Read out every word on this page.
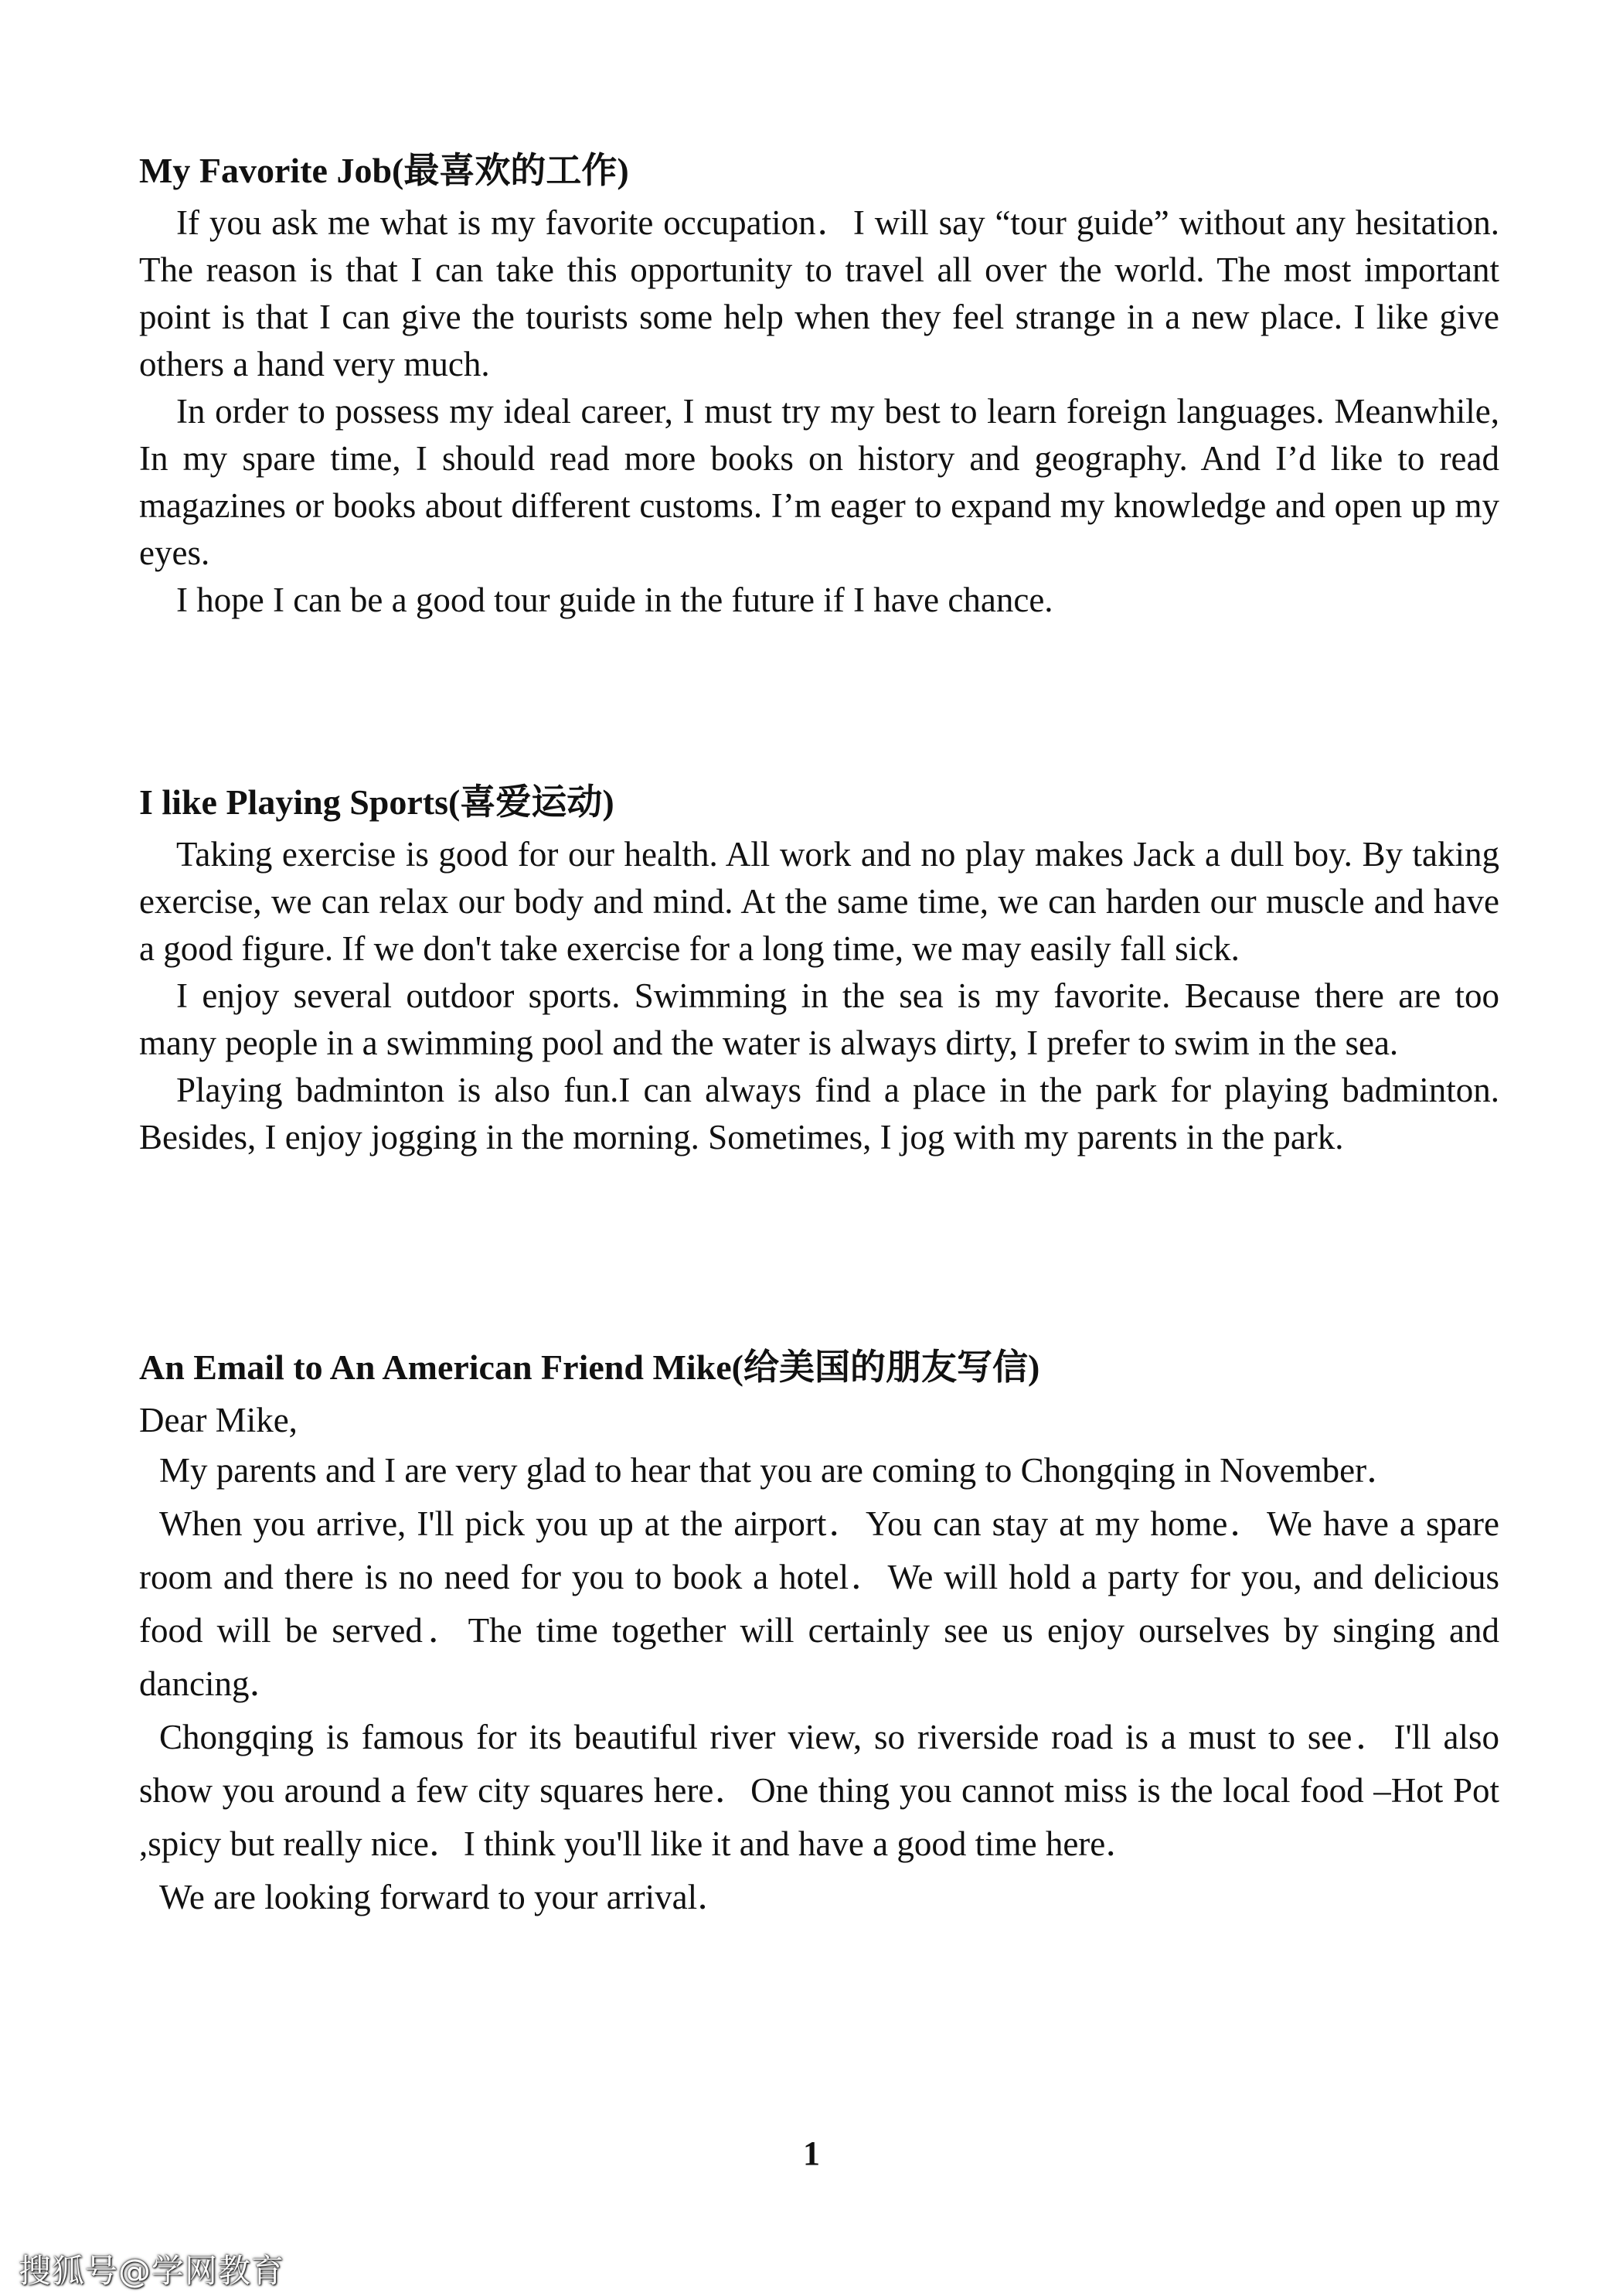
My Favorite Job(最喜欢的工作)

If you ask me what is my favorite occupation．I will say “tour guide” without any hesitation. The reason is that I can take this opportunity to travel all over the world. The most important point is that I can give the tourists some help when they feel strange in a new place. I like give others a hand very much.

In order to possess my ideal career, I must try my best to learn foreign languages. Meanwhile, In my spare time, I should read more books on history and geography. And I’d like to read magazines or books about different customs. I’m eager to expand my knowledge and open up my eyes.

I hope I can be a good tour guide in the future if I have chance.

I like Playing Sports(喜爱运动)

Taking exercise is good for our health. All work and no play makes Jack a dull boy. By taking exercise, we can relax our body and mind. At the same time, we can harden our muscle and have a good figure. If we don't take exercise for a long time, we may easily fall sick.

I enjoy several outdoor sports. Swimming in the sea is my favorite. Because there are too many people in a swimming pool and the water is always dirty, I prefer to swim in the sea.

Playing badminton is also fun.I can always find a place in the park for playing badminton. Besides, I enjoy jogging in the morning. Sometimes, I jog with my parents in the park.

An Email to An American Friend Mike(给美国的朋友写信)

Dear Mike,

My parents and I are very glad to hear that you are coming to Chongqing in November．

When you arrive, I'll pick you up at the airport．You can stay at my home．We have a spare room and there is no need for you to book a hotel．We will hold a party for you, and delicious food will be served．The time together will certainly see us enjoy ourselves by singing and dancing．

Chongqing is famous for its beautiful river view, so riverside road is a must to see．I'll also show you around a few city squares here．One thing you cannot miss is the local food –Hot Pot ,spicy but really nice．I think you'll like it and have a good time here．

We are looking forward to your arrival．

1
搜狐号@学网教育
